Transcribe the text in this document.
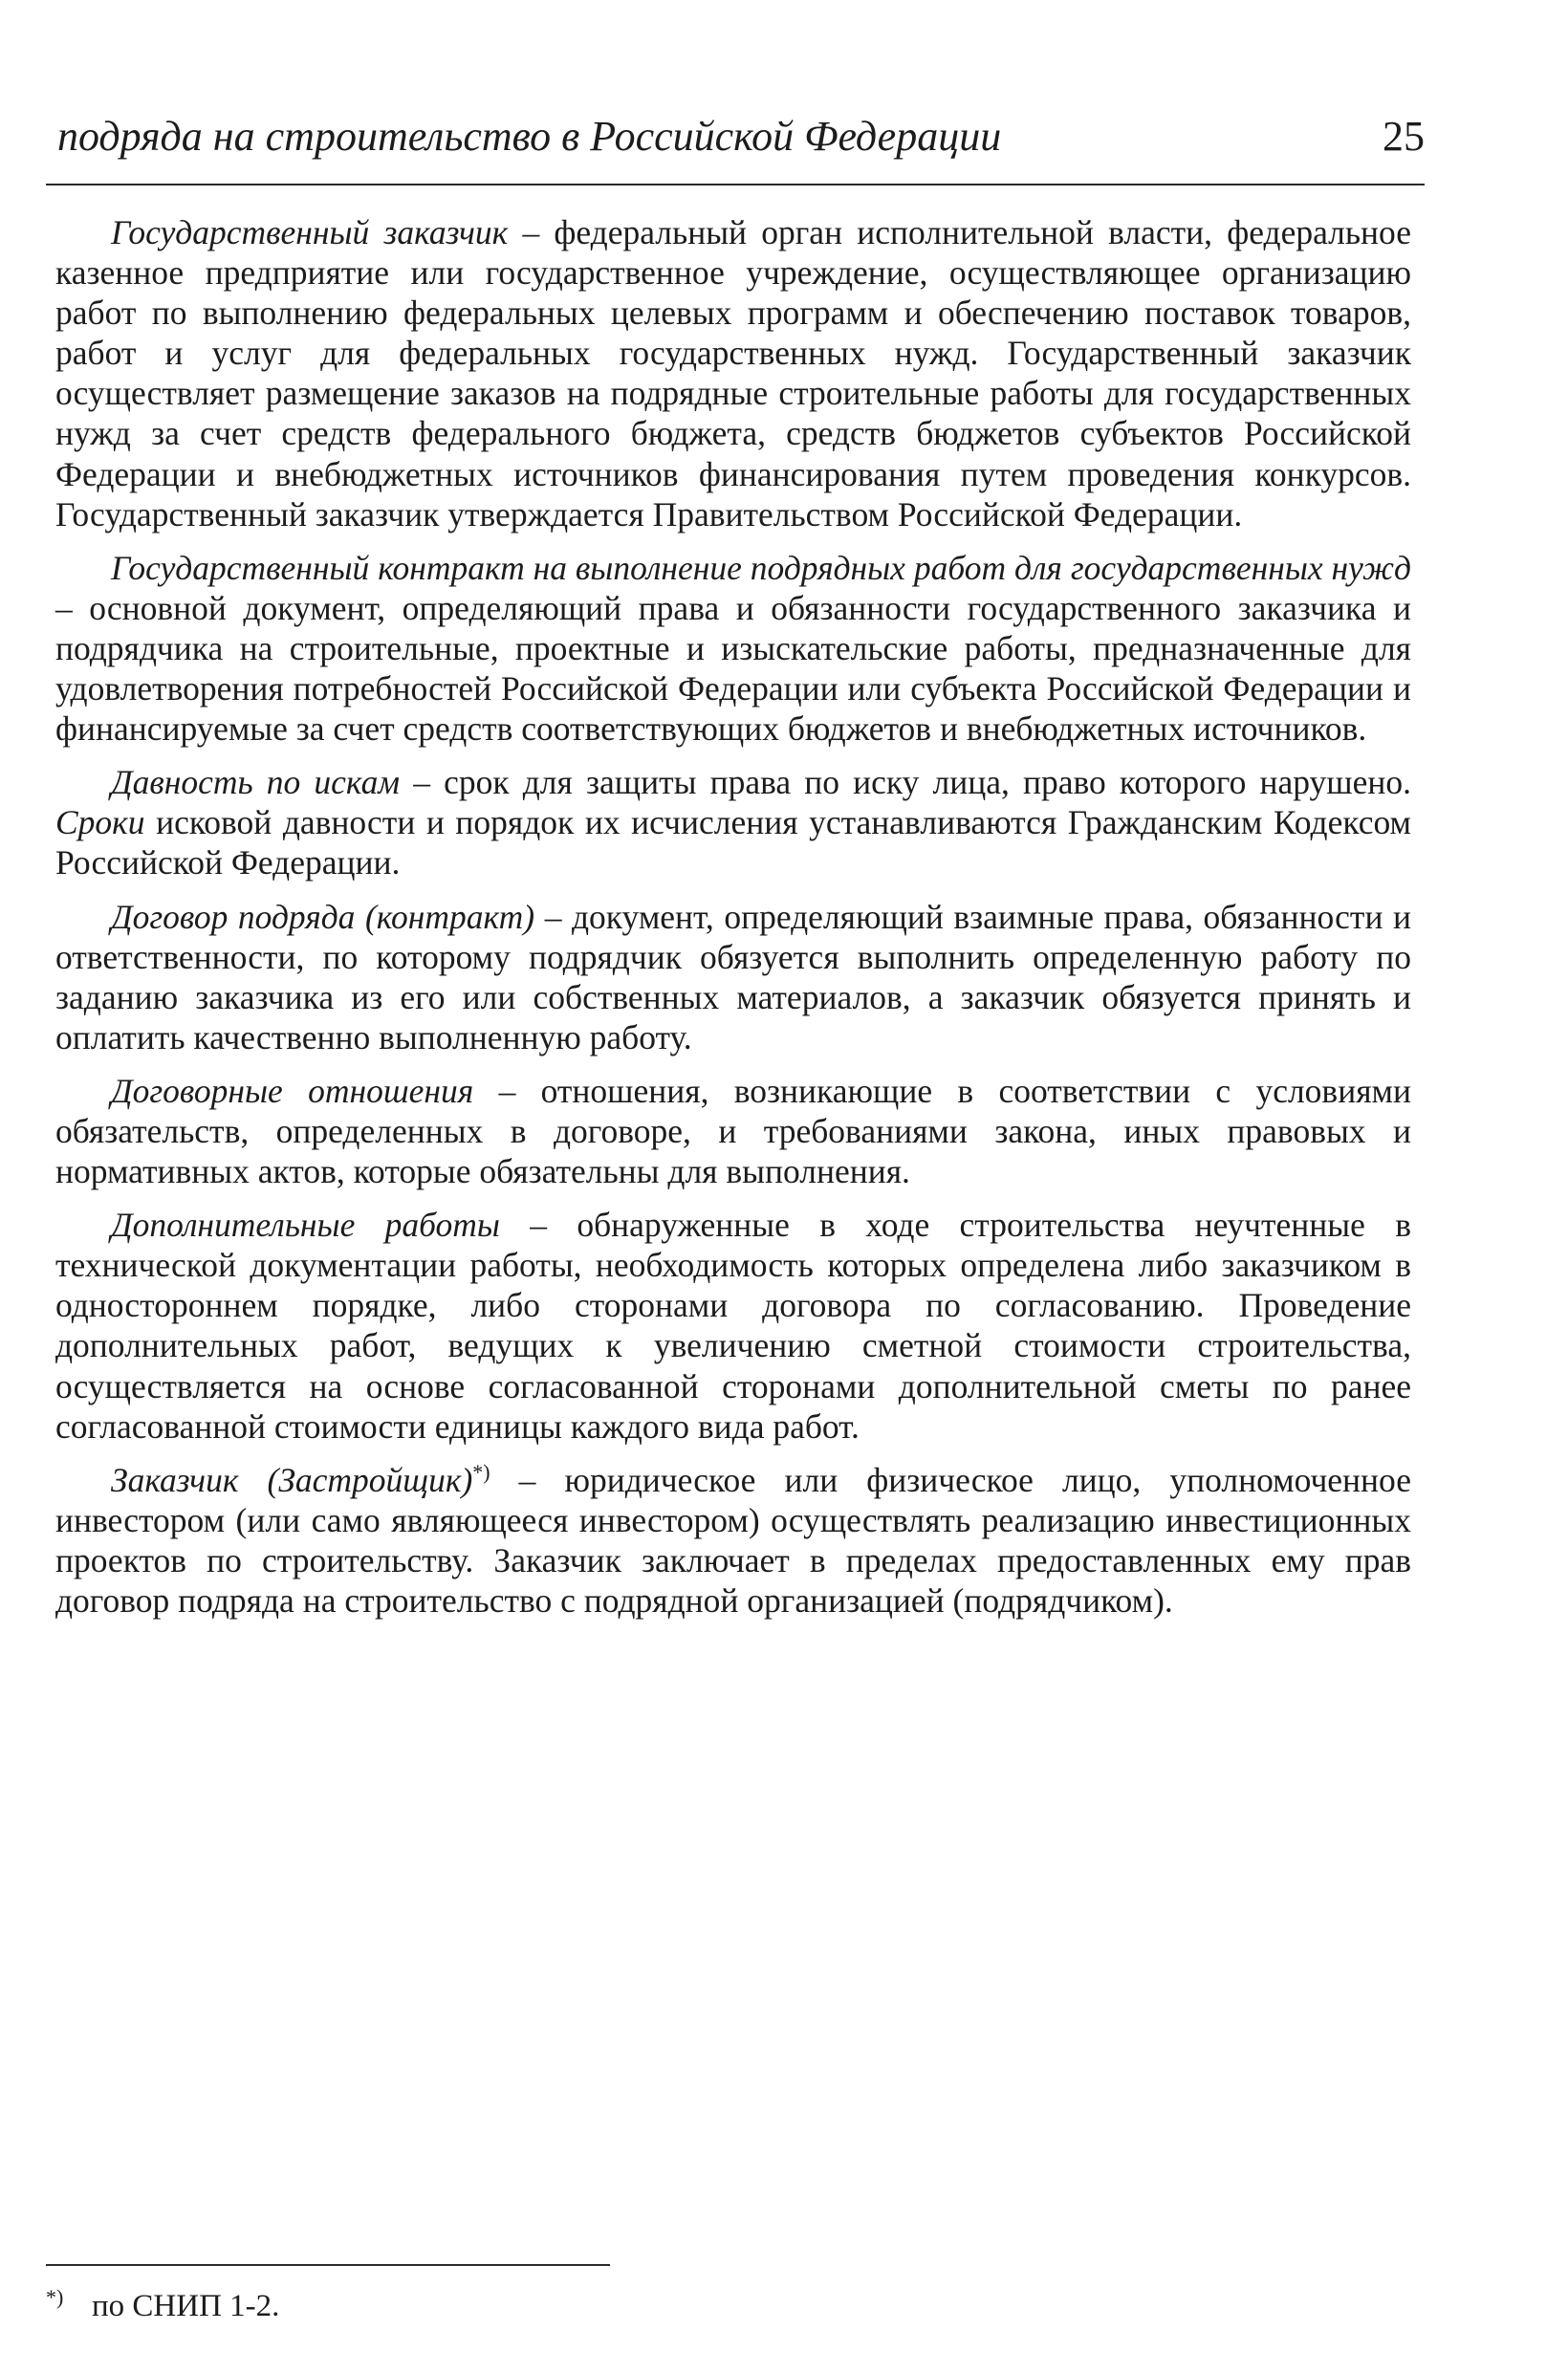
подряда на строительство в Российской Федерации	25

Государственный заказчик – федеральный орган исполнительной власти, федеральное казенное предприятие или государственное учреждение, осуществляющее организацию работ по выполнению федеральных целевых программ и обеспечению поставок товаров, работ и услуг для федеральных государственных нужд. Государственный заказчик осуществляет размещение заказов на подрядные строительные работы для государственных нужд за счет средств федерального бюджета, средств бюджетов субъектов Российской Федерации и внебюджетных источников финансирования путем проведения конкурсов. Государственный заказчик утверждается Правительством Российской Федерации.

Государственный контракт на выполнение подрядных работ для государственных нужд – основной документ, определяющий права и обязанности государственного заказчика и подрядчика на строительные, проектные и изыскательские работы, предназначенные для удовлетворения потребностей Российской Федерации или субъекта Российской Федерации и финансируемые за счет средств соответствующих бюджетов и внебюджетных источников.

Давность по искам – срок для защиты права по иску лица, право которого нарушено. Сроки исковой давности и порядок их исчисления устанавливаются Гражданским Кодексом Российской Федерации.

Договор подряда (контракт) – документ, определяющий взаимные права, обязанности и ответственности, по которому подрядчик обязуется выполнить определенную работу по заданию заказчика из его или собственных материалов, а заказчик обязуется принять и оплатить качественно выполненную работу.

Договорные отношения – отношения, возникающие в соответствии с условиями обязательств, определенных в договоре, и требованиями закона, иных правовых и нормативных актов, которые обязательны для выполнения.

Дополнительные работы – обнаруженные в ходе строительства неучтенные в технической документации работы, необходимость которых определена либо заказчиком в одностороннем порядке, либо сторонами договора по согласованию. Проведение дополнительных работ, ведущих к увеличению сметной стоимости строительства, осуществляется на основе согласованной сторонами дополнительной сметы по ранее согласованной стоимости единицы каждого вида работ.

Заказчик (Застройщик)*) – юридическое или физическое лицо, уполномоченное инвестором (или само являющееся инвестором) осуществлять реализацию инвестиционных проектов по строительству. Заказчик заключает в пределах предоставленных ему прав договор подряда на строительство с подрядной организацией (подрядчиком).

*) по СНИП 1-2.
